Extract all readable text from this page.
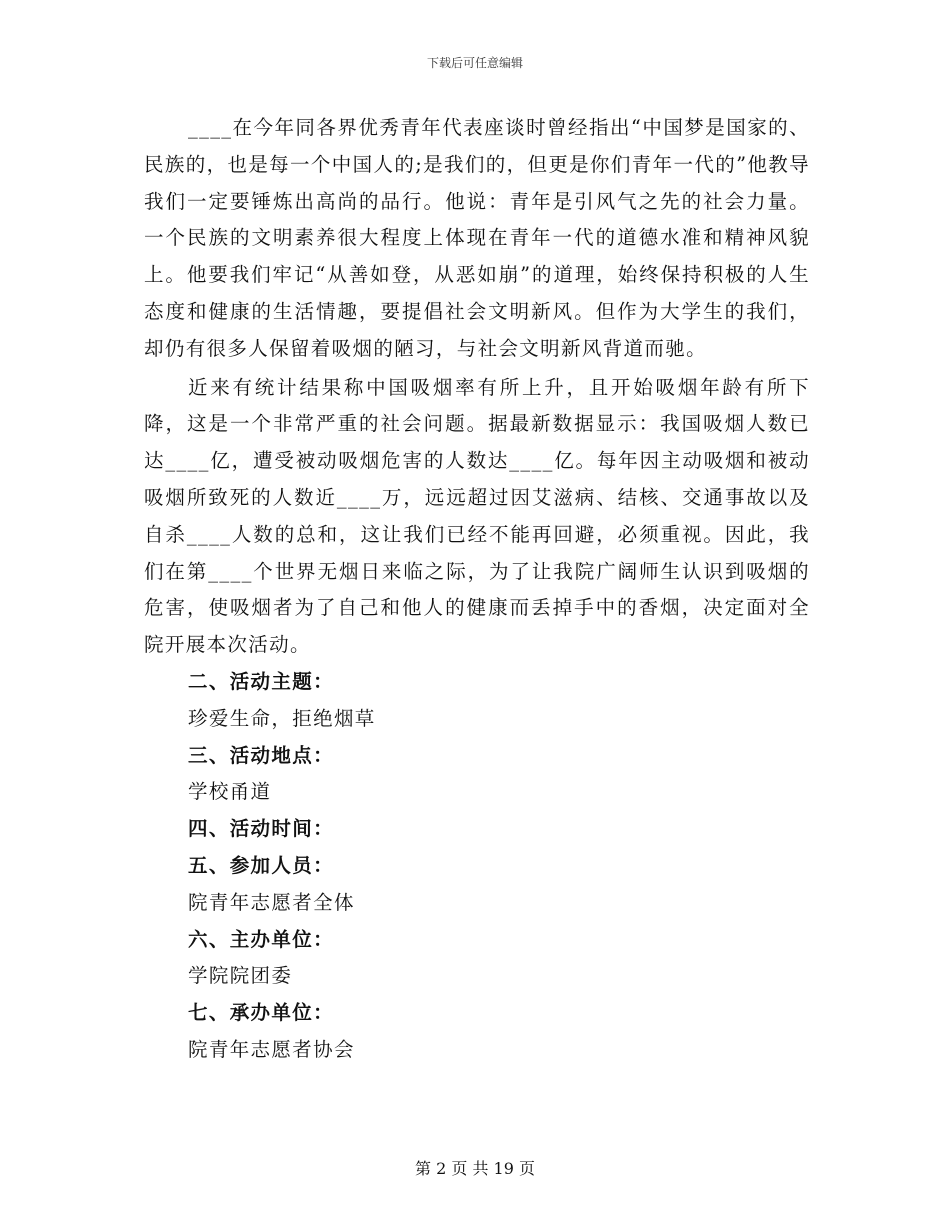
下载后可任意编辑

____在今年同各界优秀青年代表座谈时曾经指出“中国梦是国家的、民族的，也是每一个中国人的;是我们的，但更是你们青年一代的”他教导我们一定要锤炼出高尚的品行。他说：青年是引风气之先的社会力量。一个民族的文明素养很大程度上体现在青年一代的道德水准和精神风貌上。他要我们牢记“从善如登，从恶如崩”的道理，始终保持积极的人生态度和健康的生活情趣，要提倡社会文明新风。但作为大学生的我们，却仍有很多人保留着吸烟的陋习，与社会文明新风背道而驰。

近来有统计结果称中国吸烟率有所上升，且开始吸烟年龄有所下降，这是一个非常严重的社会问题。据最新数据显示：我国吸烟人数已达____亿，遭受被动吸烟危害的人数达____亿。每年因主动吸烟和被动吸烟所致死的人数近____万，远远超过因艾滋病、结核、交通事故以及自杀____人数的总和，这让我们已经不能再回避，必须重视。因此，我们在第____个世界无烟日来临之际，为了让我院广阔师生认识到吸烟的危害，使吸烟者为了自己和他人的健康而丢掉手中的香烟，决定面对全院开展本次活动。

二、活动主题：
珍爱生命，拒绝烟草
三、活动地点：
学校甬道
四、活动时间：
五、参加人员：
院青年志愿者全体
六、主办单位：
学院院团委
七、承办单位：
院青年志愿者协会
第 2 页 共 19 页
